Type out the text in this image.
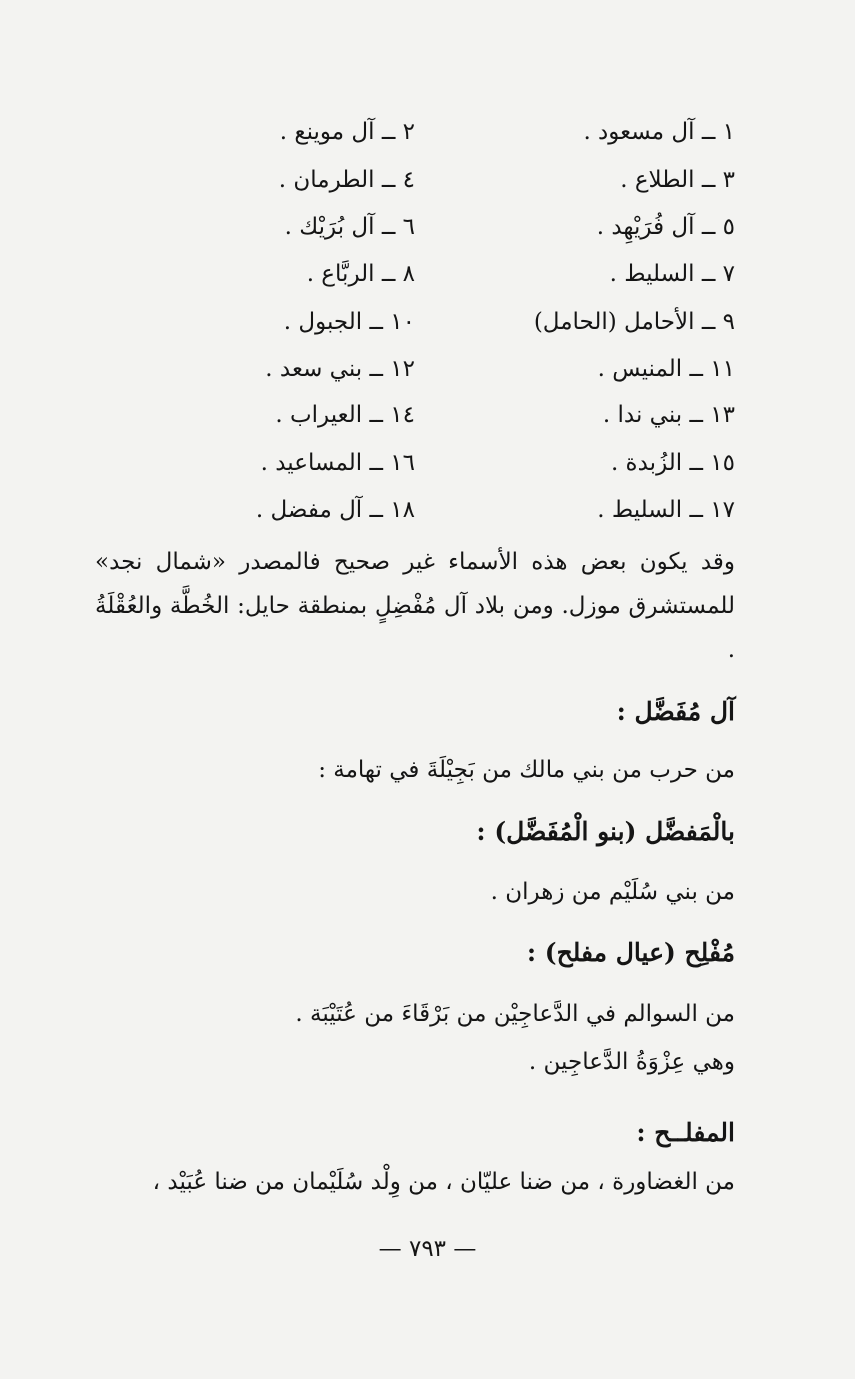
١ ــ آل مسعود .
٢ ــ آل موينع .
٣ ــ الطلاع .
٤ ــ الطرمان .
٥ ــ آل فُرَيْهِد .
٦ ــ آل بُرَيْك .
٧ ــ السليط .
٨ ــ الربَّاع .
٩ ــ الأحامل (الحامل)
١٠ ــ الجبول .
١١ ــ المنيس .
١٢ ــ بني سعد .
١٣ ــ بني ندا .
١٤ ــ العيراب .
١٥ ــ الزُبدة .
١٦ ــ المساعيد .
١٧ ــ السليط .
١٨ ــ آل مفضل .
وقد يكون بعض هذه الأسماء غير صحيح فالمصدر «شمال نجد» للمستشرق موزل. ومن بلاد آل مُفْضِلٍ بمنطقة حايل: الخُطَّة والعُقْلَةُ .
آل مُفَضَّل :
من حرب من بني مالك من بَجِيْلَةَ في تهامة :
بالْمَفضَّل (بنو الْمُفَضَّل) :
من بني سُلَيْم من زهران .
مُفْلِح (عيال مفلح) :
من السوالم في الدَّعاجِيْن من بَرْقَاءَ من عُتَيْبَة .
وهي عِزْوَةُ الدَّعاجِين .
المفلــح :
من الغضاورة ، من ضنا عليّان ، من وِلْد سُلَيْمان من ضنا عُبَيْد ،
— ٧٩٣ —
